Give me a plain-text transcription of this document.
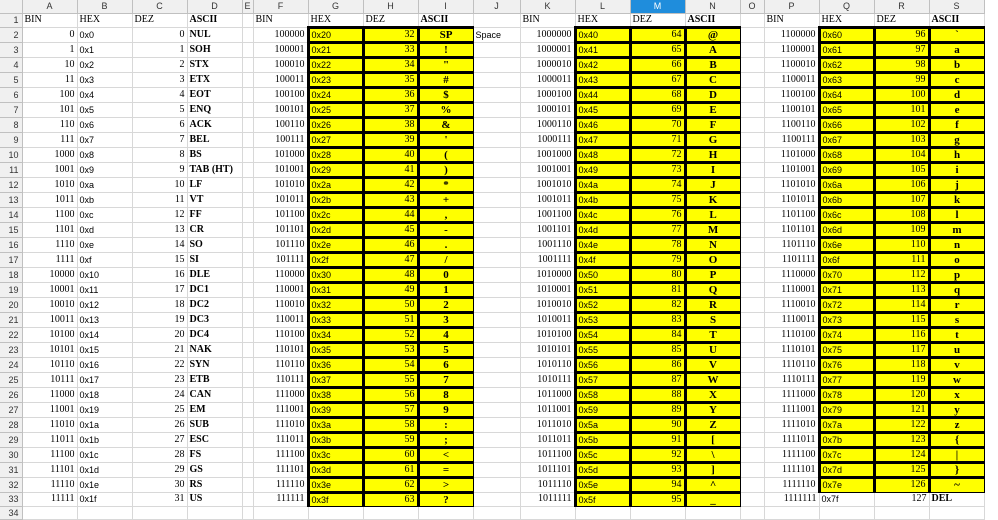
	A	B	C	D	E	F	G	H	I	J	K	L	M	N	O	P	Q	R	S
1	BIN	HEX	DEZ	ASCII		BIN	HEX	DEZ	ASCII		BIN	HEX	DEZ	ASCII		BIN	HEX	DEZ	ASCII
2	0	0x0	0	NUL		100000	0x20	32	SP	Space	1000000	0x40	64	@		1100000	0x60	96	`
3	1	0x1	1	SOH		100001	0x21	33	!		1000001	0x41	65	A		1100001	0x61	97	a
4	10	0x2	2	STX		100010	0x22	34	"		1000010	0x42	66	B		1100010	0x62	98	b
5	11	0x3	3	ETX		100011	0x23	35	#		1000011	0x43	67	C		1100011	0x63	99	c
6	100	0x4	4	EOT		100100	0x24	36	$		1000100	0x44	68	D		1100100	0x64	100	d
7	101	0x5	5	ENQ		100101	0x25	37	%		1000101	0x45	69	E		1100101	0x65	101	e
8	110	0x6	6	ACK		100110	0x26	38	&		1000110	0x46	70	F		1100110	0x66	102	f
9	111	0x7	7	BEL		100111	0x27	39	'		1000111	0x47	71	G		1100111	0x67	103	g
10	1000	0x8	8	BS		101000	0x28	40	(		1001000	0x48	72	H		1101000	0x68	104	h
11	1001	0x9	9	TAB (HT)		101001	0x29	41	)		1001001	0x49	73	I		1101001	0x69	105	i
12	1010	0xa	10	LF		101010	0x2a	42	*		1001010	0x4a	74	J		1101010	0x6a	106	j
13	1011	0xb	11	VT		101011	0x2b	43	+		1001011	0x4b	75	K		1101011	0x6b	107	k
14	1100	0xc	12	FF		101100	0x2c	44	,		1001100	0x4c	76	L		1101100	0x6c	108	l
15	1101	0xd	13	CR		101101	0x2d	45	-		1001101	0x4d	77	M		1101101	0x6d	109	m
16	1110	0xe	14	SO		101110	0x2e	46	.		1001110	0x4e	78	N		1101110	0x6e	110	n
17	1111	0xf	15	SI		101111	0x2f	47	/		1001111	0x4f	79	O		1101111	0x6f	111	o
18	10000	0x10	16	DLE		110000	0x30	48	0		1010000	0x50	80	P		1110000	0x70	112	p
19	10001	0x11	17	DC1		110001	0x31	49	1		1010001	0x51	81	Q		1110001	0x71	113	q
20	10010	0x12	18	DC2		110010	0x32	50	2		1010010	0x52	82	R		1110010	0x72	114	r
21	10011	0x13	19	DC3		110011	0x33	51	3		1010011	0x53	83	S		1110011	0x73	115	s
22	10100	0x14	20	DC4		110100	0x34	52	4		1010100	0x54	84	T		1110100	0x74	116	t
23	10101	0x15	21	NAK		110101	0x35	53	5		1010101	0x55	85	U		1110101	0x75	117	u
24	10110	0x16	22	SYN		110110	0x36	54	6		1010110	0x56	86	V		1110110	0x76	118	v
25	10111	0x17	23	ETB		110111	0x37	55	7		1010111	0x57	87	W		1110111	0x77	119	w
26	11000	0x18	24	CAN		111000	0x38	56	8		1011000	0x58	88	X		1111000	0x78	120	x
27	11001	0x19	25	EM		111001	0x39	57	9		1011001	0x59	89	Y		1111001	0x79	121	y
28	11010	0x1a	26	SUB		111010	0x3a	58	:		1011010	0x5a	90	Z		1111010	0x7a	122	z
29	11011	0x1b	27	ESC		111011	0x3b	59	;		1011011	0x5b	91	[		1111011	0x7b	123	{
30	11100	0x1c	28	FS		111100	0x3c	60	<		1011100	0x5c	92	\		1111100	0x7c	124	|
31	11101	0x1d	29	GS		111101	0x3d	61	=		1011101	0x5d	93	]		1111101	0x7d	125	}
32	11110	0x1e	30	RS		111110	0x3e	62	>		1011110	0x5e	94	^		1111110	0x7e	126	~
33	11111	0x1f	31	US		111111	0x3f	63	?		1011111	0x5f	95	_		1111111	0x7f	127	DEL
34																			
